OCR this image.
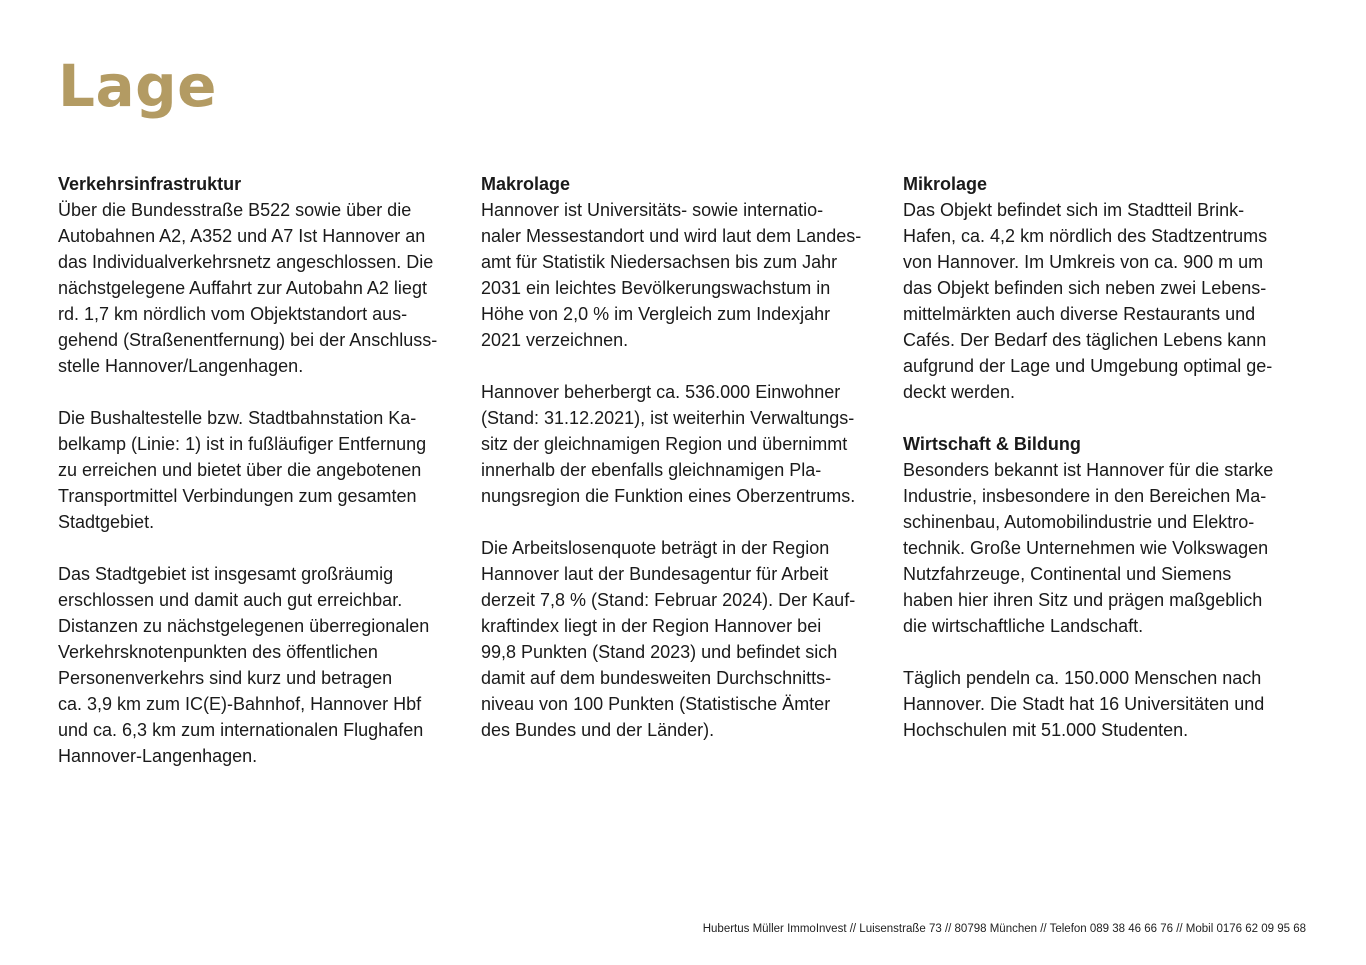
Lage
Verkehrsinfrastruktur

Über die Bundesstraße B522 sowie über die
Autobahnen A2, A352 und A7 Ist Hannover an
das Individualverkehrsnetz angeschlossen. Die
nächstgelegene Auffahrt zur Autobahn A2 liegt
rd. 1,7 km nördlich vom Objektstandort aus-
gehend (Straßenentfernung) bei der Anschluss-
stelle Hannover/Langenhagen.

Die Bushaltestelle bzw. Stadtbahnstation Ka-
belkamp (Linie: 1) ist in fußläufiger Entfernung
zu erreichen und bietet über die angebotenen
Transportmittel Verbindungen zum gesamten
Stadtgebiet.

Das Stadtgebiet ist insgesamt großräumig
erschlossen und damit auch gut erreichbar.
Distanzen zu nächstgelegenen überregionalen
Verkehrsknotenpunkten des öffentlichen
Personenverkehrs sind kurz und betragen
ca. 3,9 km zum IC(E)-Bahnhof, Hannover Hbf
und ca. 6,3 km zum internationalen Flughafen
Hannover-Langenhagen.

Makrolage

Hannover ist Universitäts- sowie internatio-
naler Messestandort und wird laut dem Landes-
amt für Statistik Niedersachsen bis zum Jahr
2031 ein leichtes Bevölkerungswachstum in
Höhe von 2,0 % im Vergleich zum Indexjahr
2021 verzeichnen.

Hannover beherbergt ca. 536.000 Einwohner
(Stand: 31.12.2021), ist weiterhin Verwaltungs-
sitz der gleichnamigen Region und übernimmt
innerhalb der ebenfalls gleichnamigen Pla-
nungsregion die Funktion eines Oberzentrums.

Die Arbeitslosenquote beträgt in der Region
Hannover laut der Bundesagentur für Arbeit
derzeit 7,8 % (Stand: Februar 2024). Der Kauf-
kraftindex liegt in der Region Hannover bei
99,8 Punkten (Stand 2023) und befindet sich
damit auf dem bundesweiten Durchschnitts-
niveau von 100 Punkten (Statistische Ämter
des Bundes und der Länder).

Mikrolage

Das Objekt befindet sich im Stadtteil Brink-
Hafen, ca. 4,2 km nördlich des Stadtzentrums
von Hannover. Im Umkreis von ca. 900 m um
das Objekt befinden sich neben zwei Lebens-
mittelmärkten auch diverse Restaurants und
Cafés. Der Bedarf des täglichen Lebens kann
aufgrund der Lage und Umgebung optimal ge-
deckt werden.

Wirtschaft & Bildung

Besonders bekannt ist Hannover für die starke
Industrie, insbesondere in den Bereichen Ma-
schinenbau, Automobilindustrie und Elektro-
technik. Große Unternehmen wie Volkswagen
Nutzfahrzeuge, Continental und Siemens
haben hier ihren Sitz und prägen maßgeblich
die wirtschaftliche Landschaft.

Täglich pendeln ca. 150.000 Menschen nach
Hannover. Die Stadt hat 16 Universitäten und
Hochschulen mit 51.000 Studenten.

Hubertus Müller ImmoInvest // Luisenstraße 73 // 80798 München // Telefon 089 38 46 66 76 // Mobil 0176 62 09 95 68
